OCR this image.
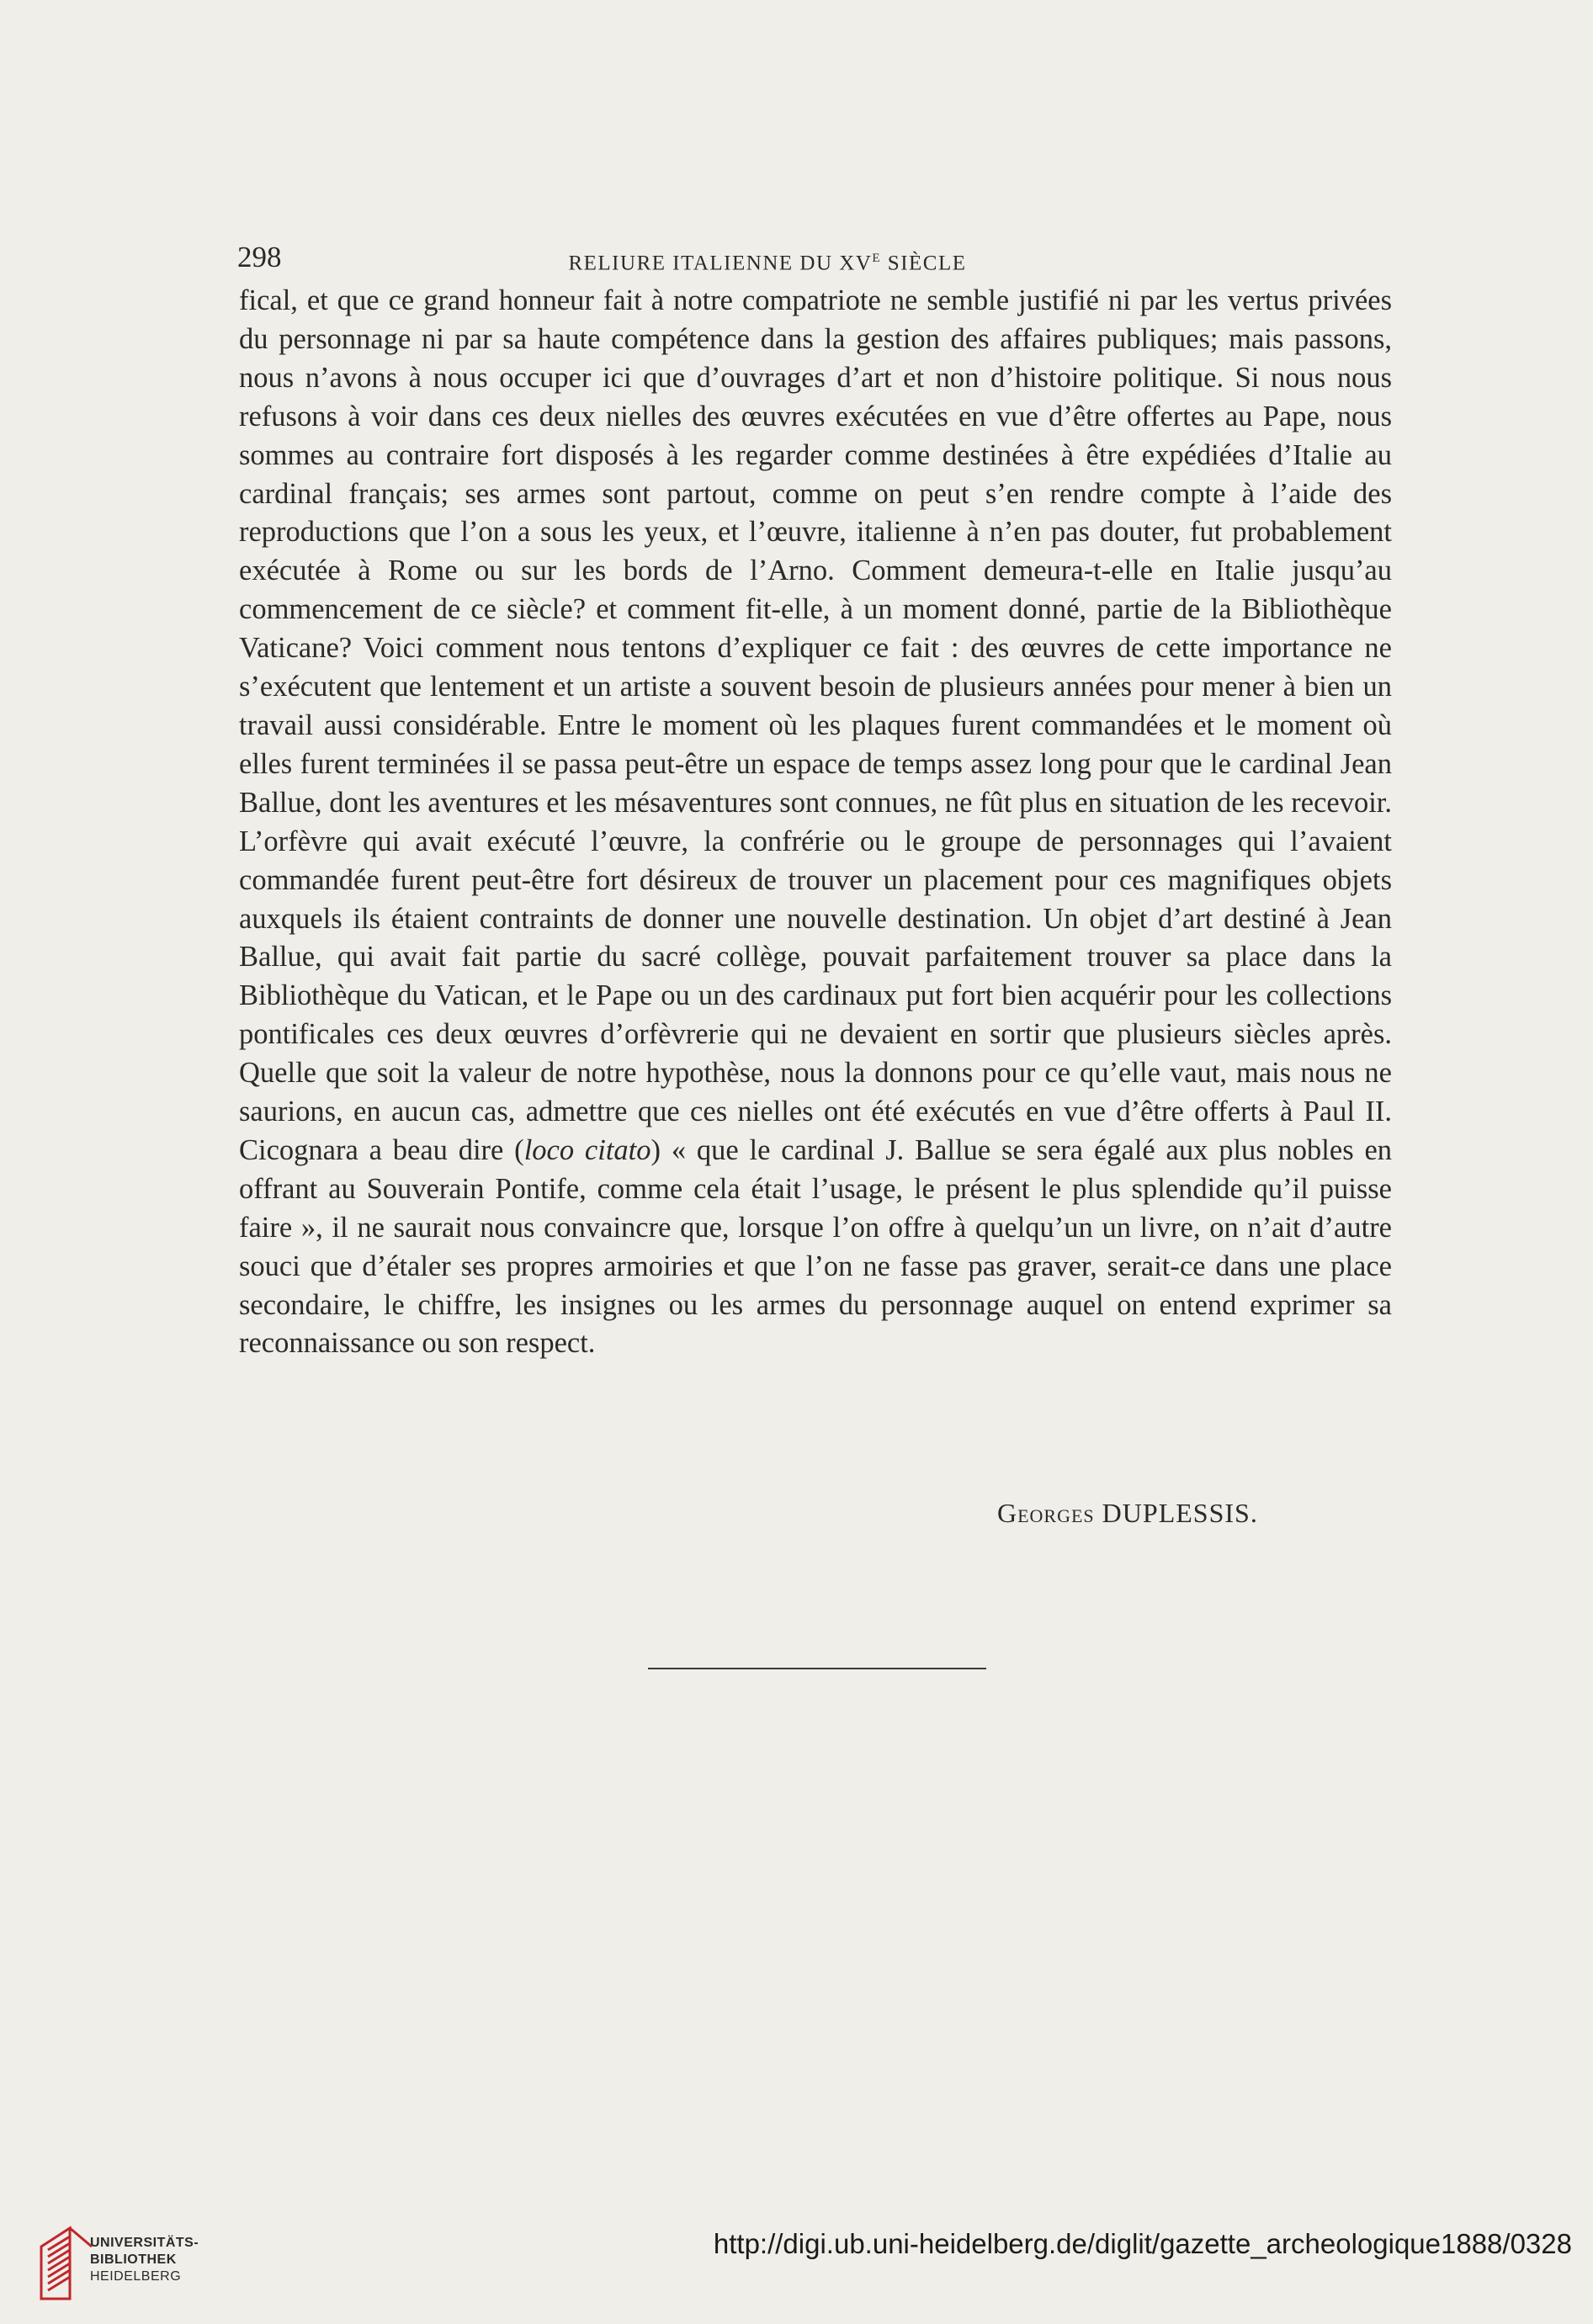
298	RELIURE ITALIENNE DU $XV^E$ SIÈCLE

fical, et que ce grand honneur fait à notre compatriote ne semble justifié ni par les vertus privées du personnage ni par sa haute compétence dans la gestion des affaires publiques; mais passons, nous n’avons à nous occuper ici que d’ouvrages d’art et non d’histoire politique. Si nous nous refusons à voir dans ces deux nielles des œuvres exécutées en vue d’être offertes au Pape, nous sommes au contraire fort disposés à les regarder comme destinées à être expédiées d’Italie au cardinal français; ses armes sont partout, comme on peut s’en rendre compte à l’aide des reproductions que l’on a sous les yeux, et l’œuvre, italienne à n’en pas douter, fut probablement exécutée à Rome ou sur les bords de l’Arno. Comment demeura-t-elle en Italie jusqu’au commencement de ce siècle? et comment fit-elle, à un moment donné, partie de la Bibliothèque Vaticane? Voici comment nous tentons d’expliquer ce fait : des œuvres de cette importance ne s’exécutent que lentement et un artiste a souvent besoin de plusieurs années pour mener à bien un travail aussi considérable. Entre le moment où les plaques furent commandées et le moment où elles furent terminées il se passa peut-être un espace de temps assez long pour que le cardinal Jean Ballue, dont les aventures et les mésaventures sont connues, ne fût plus en situation de les recevoir. L’orfèvre qui avait exécuté l’œuvre, la confrérie ou le groupe de personnages qui l’avaient commandée furent peut-être fort désireux de trouver un placement pour ces magnifiques objets auxquels ils étaient contraints de donner une nouvelle destination. Un objet d’art destiné à Jean Ballue, qui avait fait partie du sacré collège, pouvait parfaitement trouver sa place dans la Bibliothèque du Vatican, et le Pape ou un des cardinaux put fort bien acquérir pour les collections pontificales ces deux œuvres d’orfèvrerie qui ne devaient en sortir que plusieurs siècles après. Quelle que soit la valeur de notre hypothèse, nous la donnons pour ce qu’elle vaut, mais nous ne saurions, en aucun cas, admettre que ces nielles ont été exécutés en vue d’être offerts à Paul II. Cicognara a beau dire (loco citato) « que le cardinal J. Ballue se sera égalé aux plus nobles en offrant au Souverain Pontife, comme cela était l’usage, le présent le plus splendide qu’il puisse faire », il ne saurait nous convaincre que, lorsque l’on offre à quelqu’un un livre, on n’ait d’autre souci que d’étaler ses propres armoiries et que l’on ne fasse pas graver, serait-ce dans une place secondaire, le chiffre, les insignes ou les armes du personnage auquel on entend exprimer sa reconnaissance ou son respect.

Georges DUPLESSIS.
UNIVERSITÄTS-
BIBLIOTHEK
HEIDELBERG
http://digi.ub.uni-heidelberg.de/diglit/gazette_archeologique1888/0328
